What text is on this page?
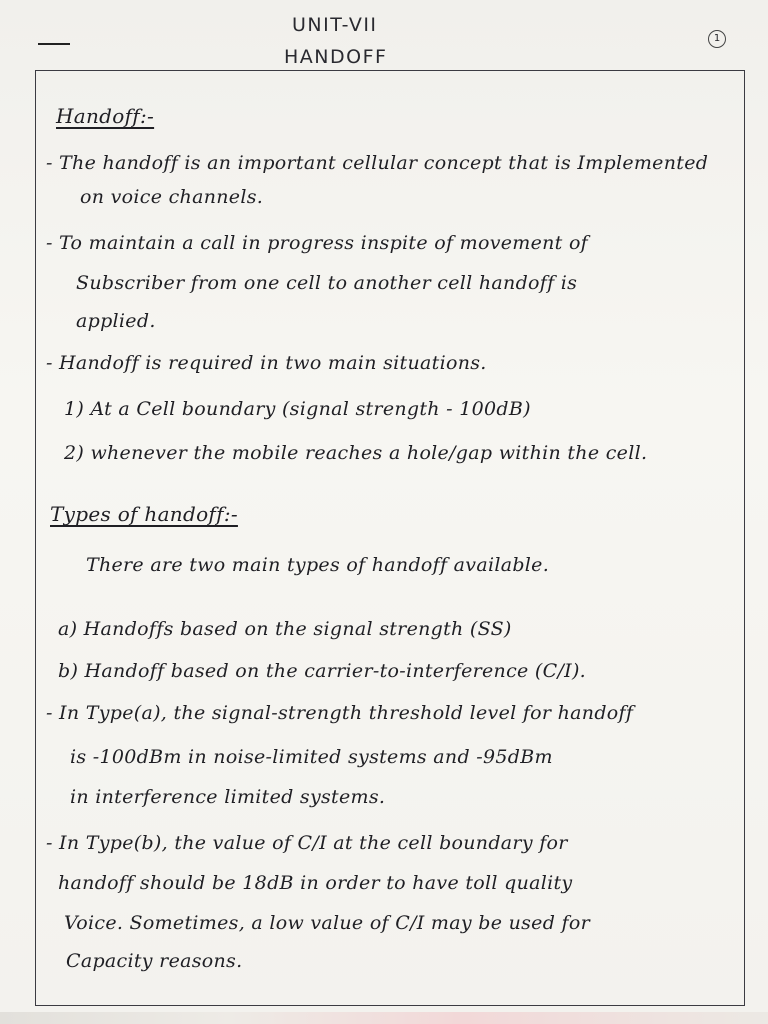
UNIT-VII
HANDOFF
1
Handoff:-
- The handoff is an important cellular concept that is Implemented
on voice channels.
- To maintain a call in progress inspite of movement of
Subscriber from one cell to another cell handoff is
applied.
- Handoff is required in two main situations.
1) At a Cell boundary (signal strength - 100dB)
2) whenever the mobile reaches a hole/gap within the cell.
Types of handoff:-
There are two main types of handoff available.
a) Handoffs based on the signal strength (SS)
b) Handoff based on the carrier-to-interference (C/I).
- In Type(a), the signal-strength threshold level for handoff
is -100dBm in noise-limited systems and -95dBm
in interference limited systems.
- In Type(b), the value of C/I at the cell boundary for
handoff should be 18dB in order to have toll quality
Voice. Sometimes, a low value of C/I may be used for
Capacity reasons.
